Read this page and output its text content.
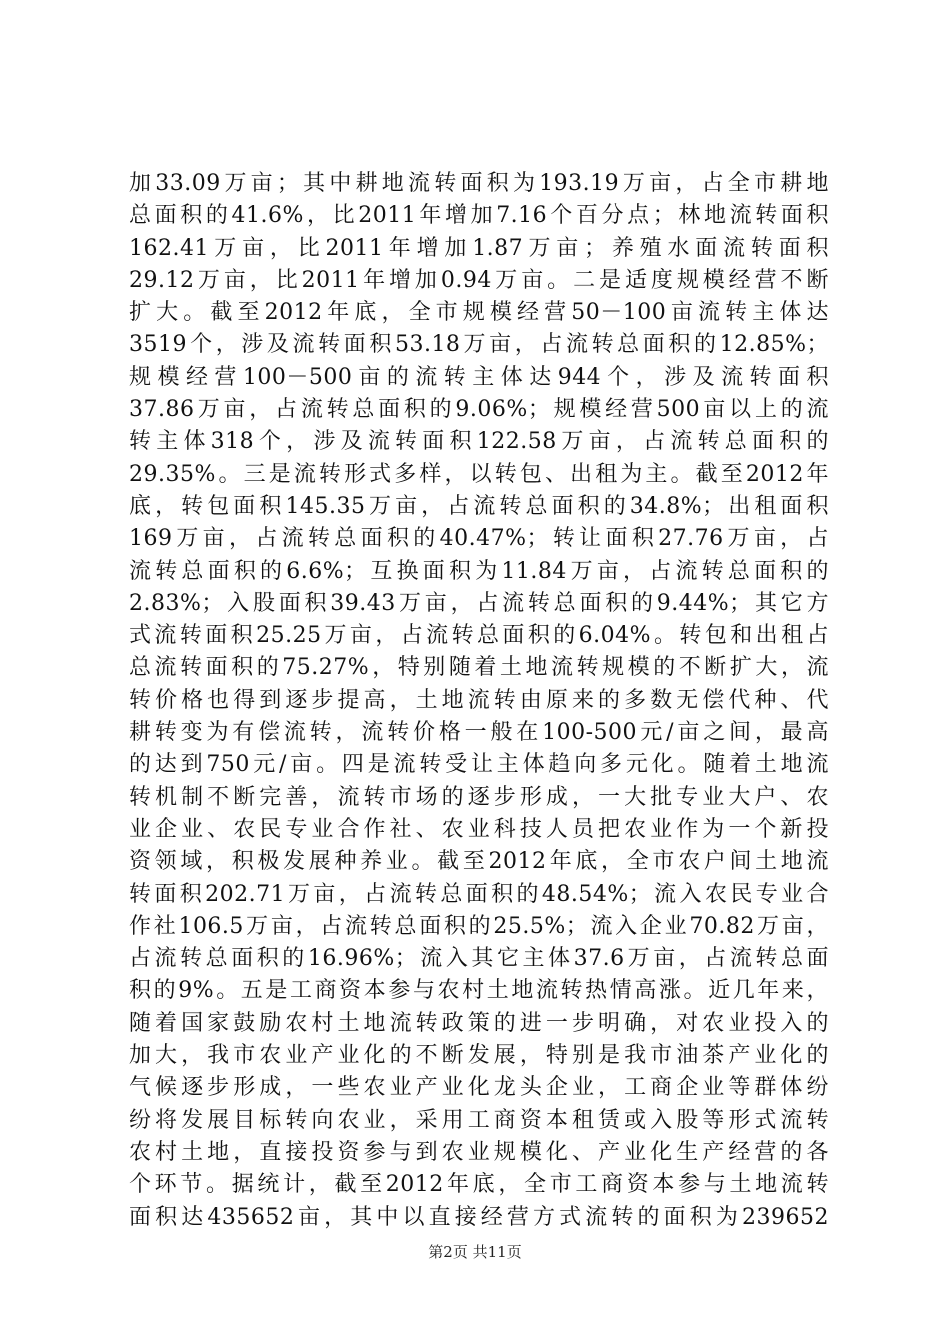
加33.09万亩；其中耕地流转面积为193.19万亩，占全市耕地
总面积的41.6%，比2011年增加7.16个百分点；林地流转面积
162.41万亩，比2011年增加1.87万亩；养殖水面流转面积
29.12万亩，比2011年增加0.94万亩。二是适度规模经营不断
扩大。截至2012年底，全市规模经营50－100亩流转主体达
3519个，涉及流转面积53.18万亩，占流转总面积的12.85%；
规模经营100－500亩的流转主体达944个，涉及流转面积
37.86万亩，占流转总面积的9.06%；规模经营500亩以上的流
转主体318个，涉及流转面积122.58万亩，占流转总面积的
29.35%。三是流转形式多样，以转包、出租为主。截至2012年
底，转包面积145.35万亩，占流转总面积的34.8%；出租面积
169万亩，占流转总面积的40.47%；转让面积27.76万亩，占
流转总面积的6.6%；互换面积为11.84万亩，占流转总面积的
2.83%；入股面积39.43万亩，占流转总面积的9.44%；其它方
式流转面积25.25万亩，占流转总面积的6.04%。转包和出租占
总流转面积的75.27%，特别随着土地流转规模的不断扩大，流
转价格也得到逐步提高，土地流转由原来的多数无偿代种、代
耕转变为有偿流转，流转价格一般在100-500元/亩之间，最高
的达到750元/亩。四是流转受让主体趋向多元化。随着土地流
转机制不断完善，流转市场的逐步形成，一大批专业大户、农
业企业、农民专业合作社、农业科技人员把农业作为一个新投
资领域，积极发展种养业。截至2012年底，全市农户间土地流
转面积202.71万亩，占流转总面积的48.54%；流入农民专业合
作社106.5万亩，占流转总面积的25.5%；流入企业70.82万亩，
占流转总面积的16.96%；流入其它主体37.6万亩，占流转总面
积的9%。五是工商资本参与农村土地流转热情高涨。近几年来，
随着国家鼓励农村土地流转政策的进一步明确，对农业投入的
加大，我市农业产业化的不断发展，特别是我市油茶产业化的
气候逐步形成，一些农业产业化龙头企业，工商企业等群体纷
纷将发展目标转向农业，采用工商资本租赁或入股等形式流转
农村土地，直接投资参与到农业规模化、产业化生产经营的各
个环节。据统计，截至2012年底，全市工商资本参与土地流转
面积达435652亩，其中以直接经营方式流转的面积为239652
第2页 共11页
